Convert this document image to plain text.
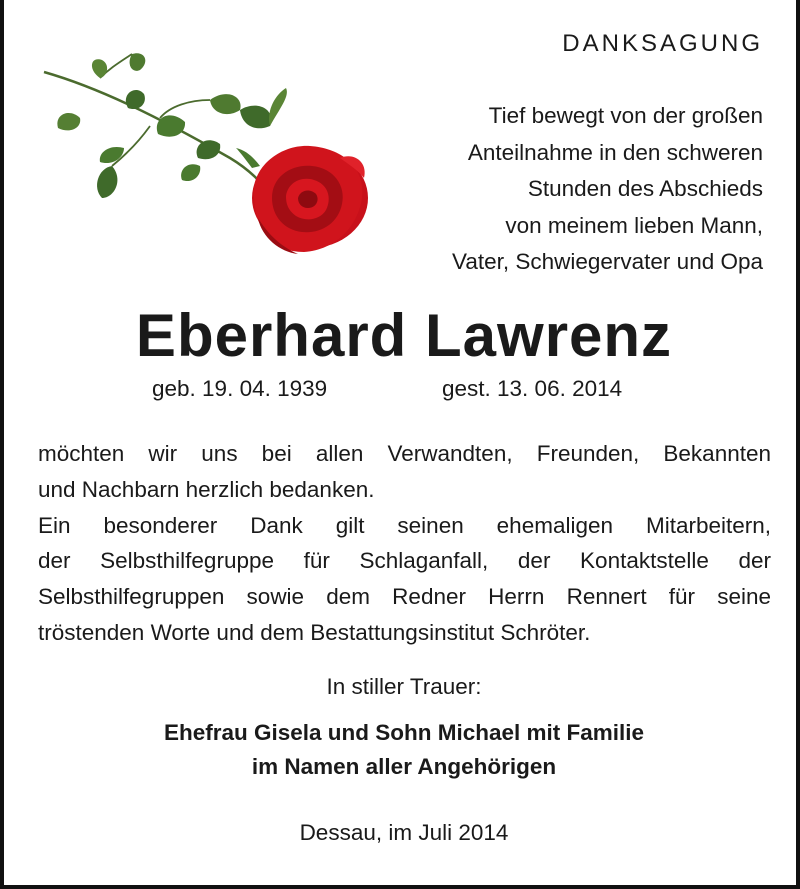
DANKSAGUNG
Tief bewegt von der großen
Anteilnahme in den schweren
Stunden des Abschieds
von meinem lieben Mann,
Vater, Schwiegervater und Opa
Eberhard Lawrenz
geb. 19. 04. 1939	gest. 13. 06. 2014

möchten wir uns bei allen Verwandten, Freunden, Bekannten
und Nachbarn herzlich bedanken.

Ein besonderer Dank gilt seinen ehemaligen Mitarbeitern,
der Selbsthilfegruppe für Schlaganfall, der Kontaktstelle der
Selbsthilfegruppen sowie dem Redner Herrn Rennert für seine
tröstenden Worte und dem Bestattungsinstitut Schröter.

In stiller Trauer:
Ehefrau Gisela und Sohn Michael mit Familie
im Namen aller Angehörigen
Dessau, im Juli 2014
